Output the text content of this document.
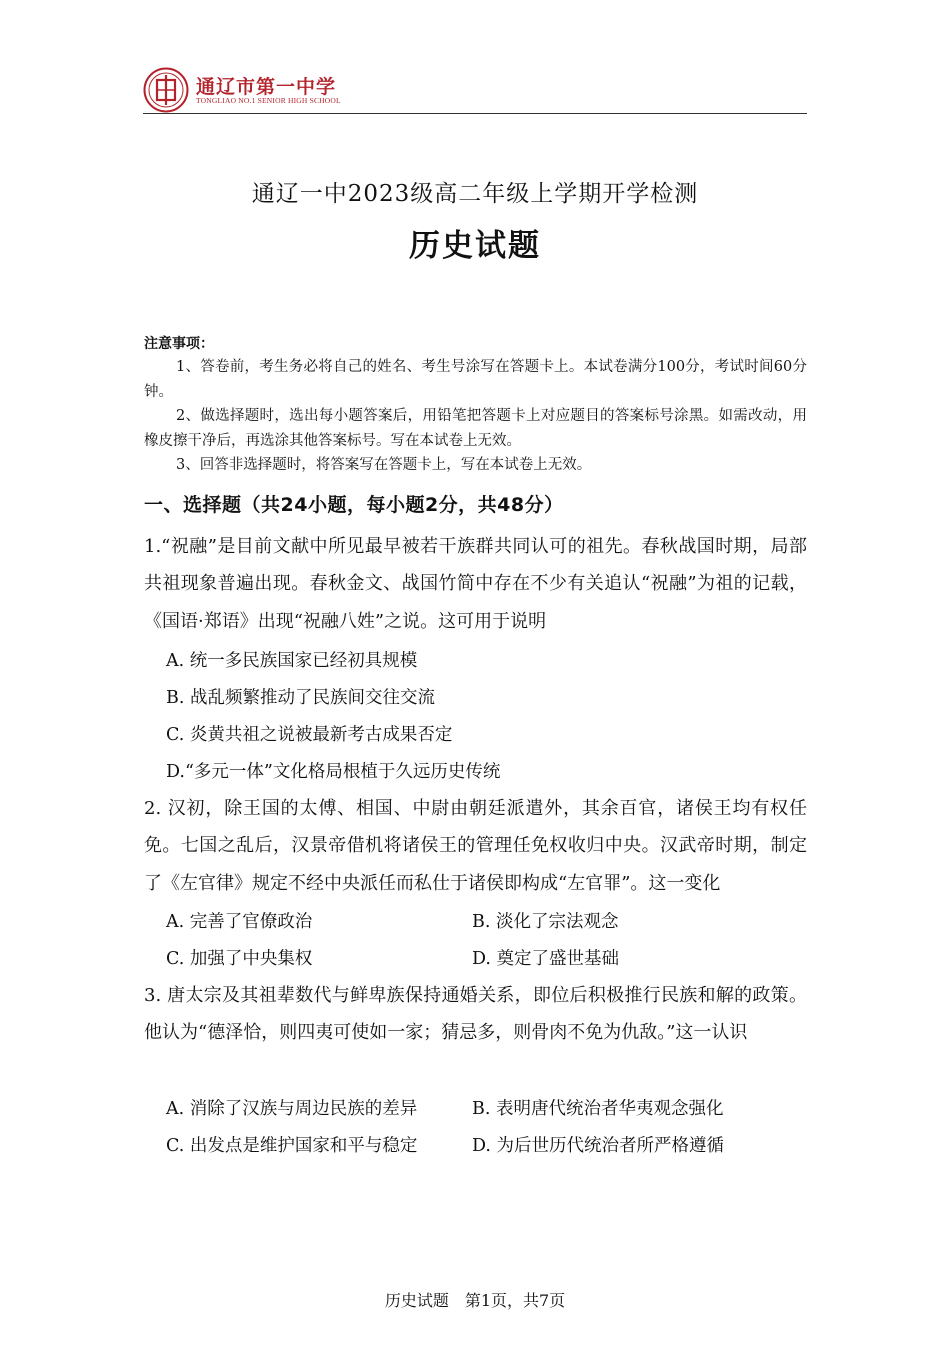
通辽市第一中学
TONGLIAO NO.1 SENIOR HIGH SCHOOL
通辽一中2023级高二年级上学期开学检测
历史试题
注意事项：

1、答卷前，考生务必将自己的姓名、考生号涂写在答题卡上。本试卷满分100分，考试时间60分钟。

2、做选择题时，选出每小题答案后，用铅笔把答题卡上对应题目的答案标号涂黑。如需改动，用橡皮擦干净后，再选涂其他答案标号。写在本试卷上无效。

3、回答非选择题时，将答案写在答题卡上，写在本试卷上无效。

一、选择题（共24小题，每小题2分，共48分）

1.“祝融”是目前文献中所见最早被若干族群共同认可的祖先。春秋战国时期，局部共祖现象普遍出现。春秋金文、战国竹简中存在不少有关追认“祝融”为祖的记载，《国语·郑语》出现“祝融八姓”之说。这可用于说明

A. 统一多民族国家已经初具规模
B. 战乱频繁推动了民族间交往交流
C. 炎黄共祖之说被最新考古成果否定
D.“多元一体”文化格局根植于久远历史传统

2. 汉初，除王国的太傅、相国、中尉由朝廷派遣外，其余百官，诸侯王均有权任免。七国之乱后，汉景帝借机将诸侯王的管理任免权收归中央。汉武帝时期，制定了《左官律》规定不经中央派任而私仕于诸侯即构成“左官罪”。这一变化

A. 完善了官僚政治	B. 淡化了宗法观念
C. 加强了中央集权	D. 奠定了盛世基础

3. 唐太宗及其祖辈数代与鲜卑族保持通婚关系，即位后积极推行民族和解的政策。他认为“德泽恰，则四夷可使如一家；猜忌多，则骨肉不免为仇敌。”这一认识

A. 消除了汉族与周边民族的差异	B. 表明唐代统治者华夷观念强化
C. 出发点是维护国家和平与稳定	D. 为后世历代统治者所严格遵循
历史试题　第1页，共7页
